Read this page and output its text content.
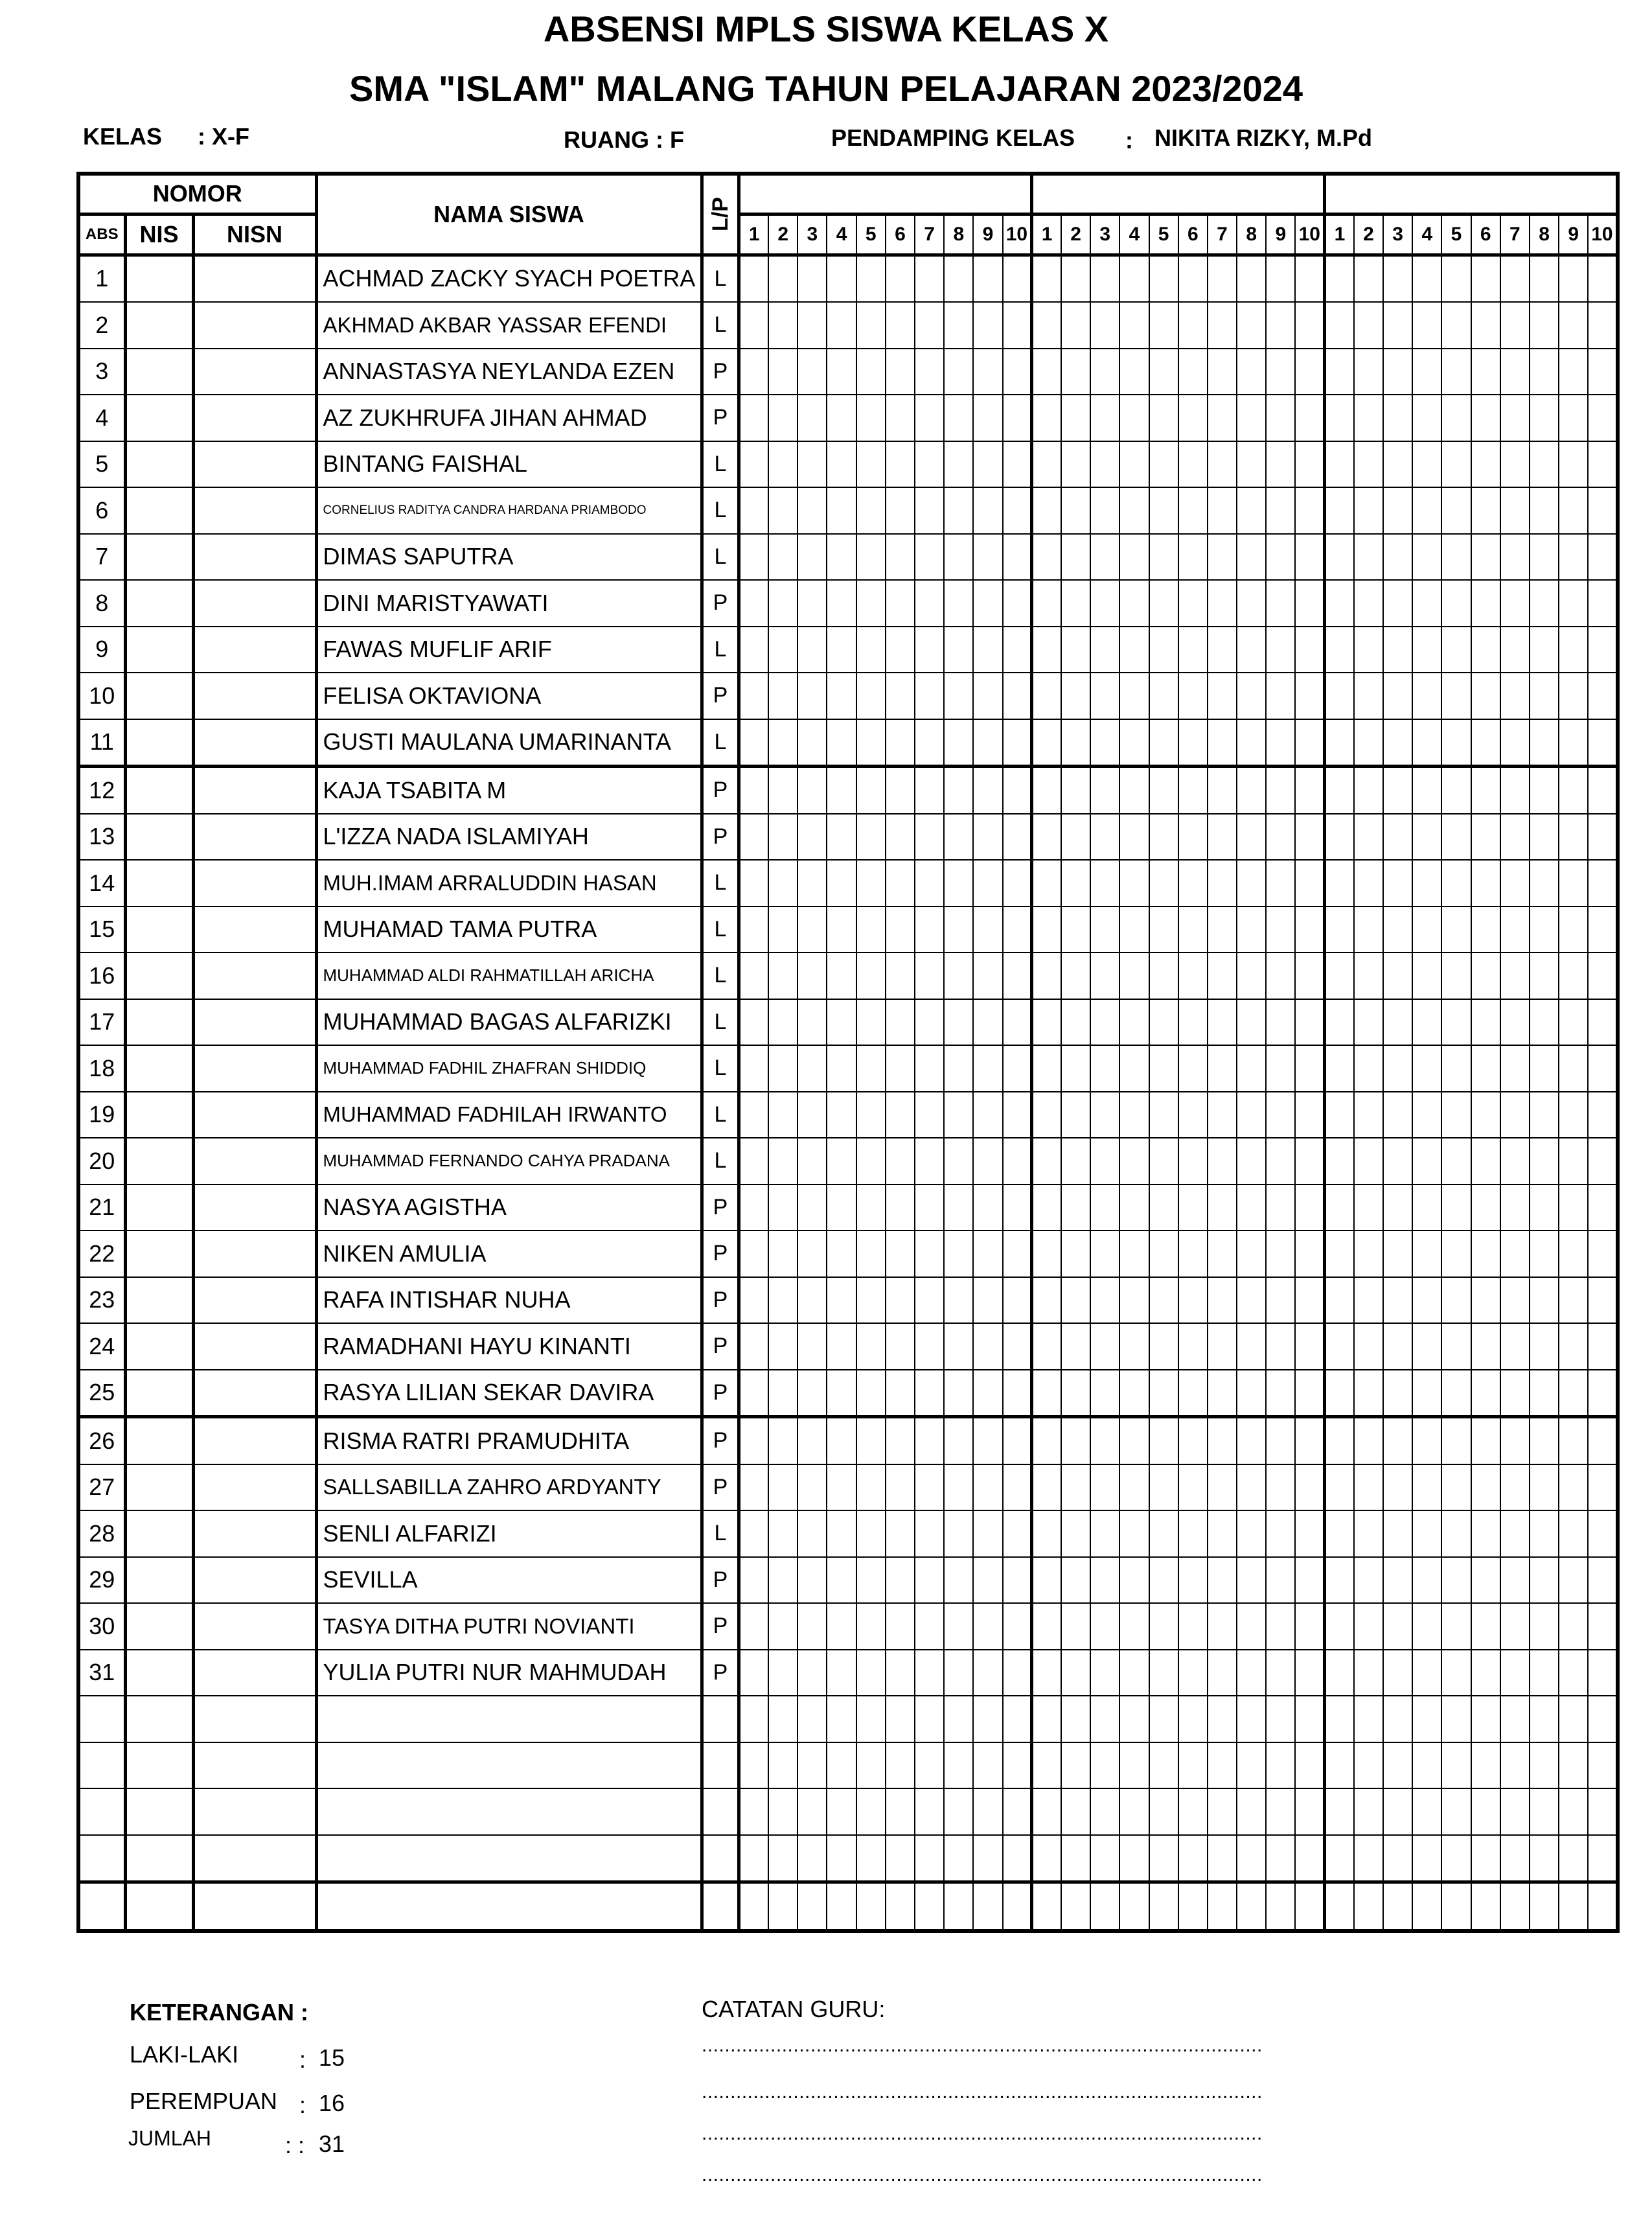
ABSENSI MPLS SISWA KELAS X
SMA "ISLAM" MALANG TAHUN PELAJARAN 2023/2024
KELAS : X-F	RUANG : F	PENDAMPING KELAS : NIKITA RIZKY, M.Pd
NOMOR			NAMA SISWA	L/P																														
ABS	NIS	NISN			1	2	3	4	5	6	7	8	9	10	1	2	3	4	5	6	7	8	9	10	1	2	3	4	5	6	7	8	9	10
1			ACHMAD ZACKY SYACH POETRA	L																														
2			AKHMAD AKBAR YASSAR EFENDI	L																														
3			ANNASTASYA NEYLANDA EZEN	P																														
4			AZ ZUKHRUFA JIHAN AHMAD	P																														
5			BINTANG FAISHAL	L																														
6			CORNELIUS RADITYA CANDRA HARDANA PRIAMBODO	L																														
7			DIMAS SAPUTRA	L																														
8			DINI MARISTYAWATI	P																														
9			FAWAS MUFLIF ARIF	L																														
10			FELISA OKTAVIONA	P																														
11			GUSTI MAULANA UMARINANTA	L																														
12			KAJA TSABITA M	P																														
13			L'IZZA NADA ISLAMIYAH	P																														
14			MUH.IMAM ARRALUDDIN HASAN	L																														
15			MUHAMAD TAMA PUTRA	L																														
16			MUHAMMAD ALDI RAHMATILLAH ARICHA	L																														
17			MUHAMMAD BAGAS ALFARIZKI	L																														
18			MUHAMMAD FADHIL ZHAFRAN SHIDDIQ	L																														
19			MUHAMMAD FADHILAH IRWANTO	L																														
20			MUHAMMAD FERNANDO CAHYA PRADANA	L																														
21			NASYA AGISTHA	P																														
22			NIKEN AMULIA	P																														
23			RAFA INTISHAR NUHA	P																														
24			RAMADHANI HAYU KINANTI	P																														
25			RASYA LILIAN SEKAR DAVIRA	P																														
26			RISMA RATRI PRAMUDHITA	P																														
27			SALLSABILLA ZAHRO ARDYANTY	P																														
28			SENLI ALFARIZI	L																														
29			SEVILLA	P																														
30			TASYA DITHA PUTRI NOVIANTI	P																														
31			YULIA PUTRI NUR MAHMUDAH	P																														

KETERANGAN :
LAKI-LAKI	: 15
PEREMPUAN : 16
JUMLAH	: : 31
CATATAN GURU:
..................................................................................................
..................................................................................................
..................................................................................................
..................................................................................................
